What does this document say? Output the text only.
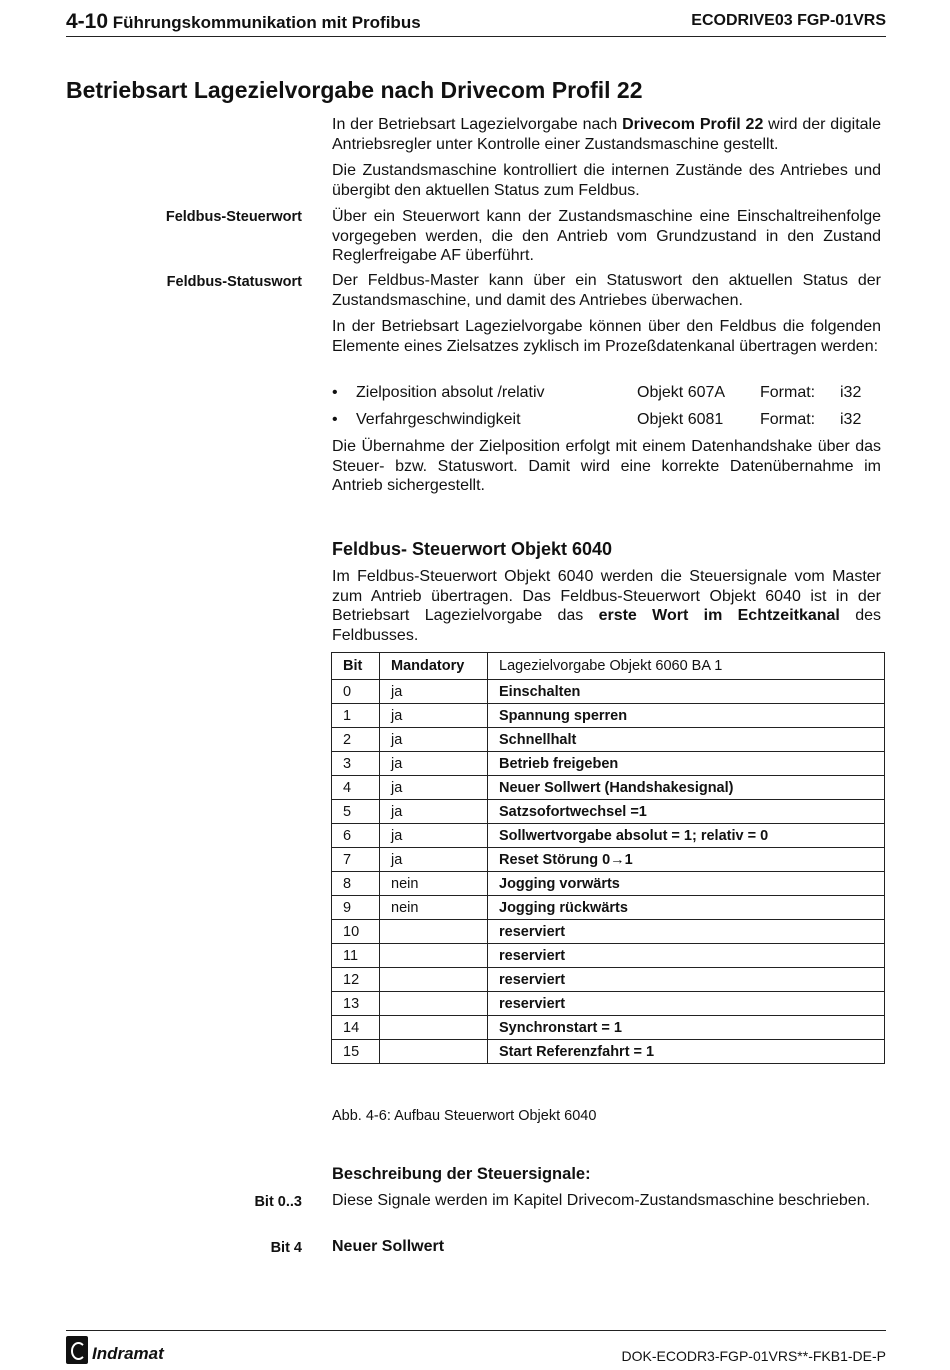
4-10 Führungskommunikation mit Profibus	ECODRIVE03 FGP-01VRS
Betriebsart Lagezielvorgabe nach Drivecom Profil 22

In der Betriebsart Lagezielvorgabe nach Drivecom Profil 22 wird der digitale Antriebsregler unter Kontrolle einer Zustandsmaschine gestellt.

Die Zustandsmaschine kontrolliert die internen Zustände des Antriebes und übergibt den aktuellen Status zum Feldbus.

Feldbus-Steuerwort Über ein Steuerwort kann der Zustandsmaschine eine Einschaltreihenfolge vorgegeben werden, die den Antrieb vom Grundzustand in den Zustand Reglerfreigabe AF überführt.

Feldbus-Statuswort Der Feldbus-Master kann über ein Statuswort den aktuellen Status der Zustandsmaschine, und damit des Antriebes überwachen.

In der Betriebsart Lagezielvorgabe können über den Feldbus die folgenden Elemente eines Zielsatzes zyklisch im Prozeßdatenkanal übertragen werden:

• Zielposition absolut /relativ	Objekt 607A Format: i32
• Verfahrgeschwindigkeit	Objekt 6081 Format: i32

Die Übernahme der Zielposition erfolgt mit einem Datenhandshake über das Steuer- bzw. Statuswort. Damit wird eine korrekte Datenübernahme im Antrieb sichergestellt.

Feldbus- Steuerwort Objekt 6040

Im Feldbus-Steuerwort Objekt 6040 werden die Steuersignale vom Master zum Antrieb übertragen. Das Feldbus-Steuerwort Objekt 6040 ist in der Betriebsart Lagezielvorgabe das erste Wort im Echtzeitkanal des Feldbusses.

Bit	Mandatory	Lagezielvorgabe Objekt 6060 BA 1
0	ja	Einschalten
1	ja	Spannung sperren
2	ja	Schnellhalt
3	ja	Betrieb freigeben
4	ja	Neuer Sollwert (Handshakesignal)
5	ja	Satzsofortwechsel =1
6	ja	Sollwertvorgabe absolut = 1; relativ = 0
7	ja	Reset Störung 0→1
8	nein	Jogging vorwärts
9	nein	Jogging rückwärts
10		reserviert
11		reserviert
12		reserviert
13		reserviert
14		Synchronstart = 1
15		Start Referenzfahrt = 1
Abb. 4-6: Aufbau Steuerwort Objekt 6040
Beschreibung der Steuersignale:
Bit 0..3 Diese Signale werden im Kapitel Drivecom-Zustandsmaschine beschrieben.

Bit 4 Neuer Sollwert
Indramat	DOK-ECODR3-FGP-01VRS**-FKB1-DE-P
